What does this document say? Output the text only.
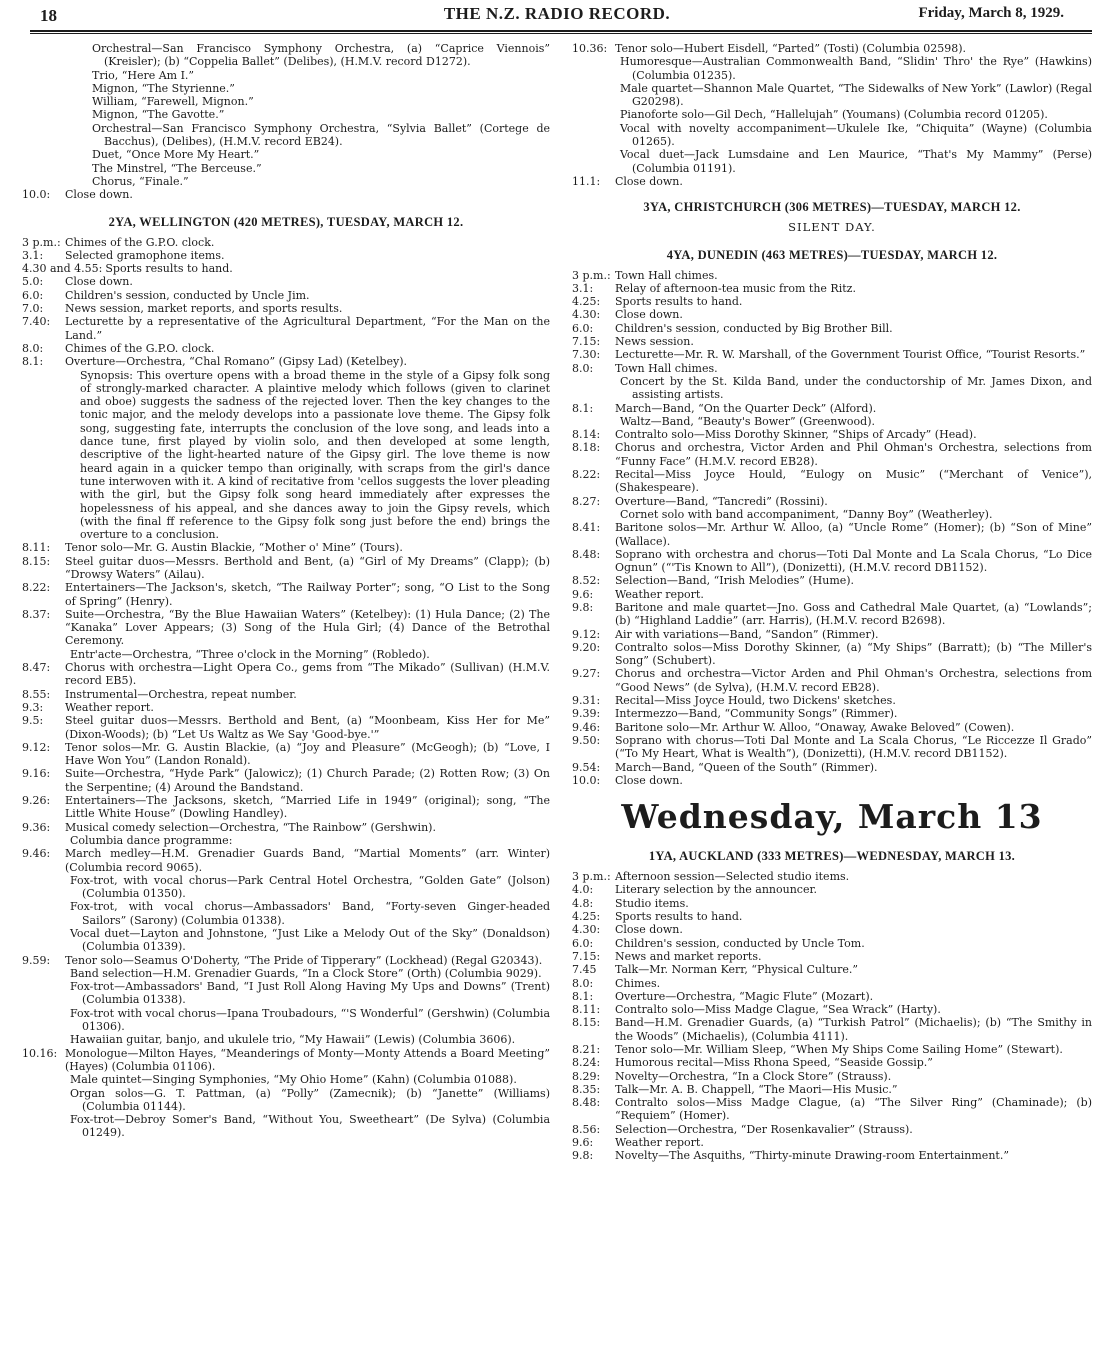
18	THE N.Z. RADIO RECORD.	Friday, March 8, 1929.
Orchestral—San Francisco Symphony Orchestra, (a) “Caprice Viennois” (Kreisler); (b) “Coppelia Ballet” (Delibes), (H.M.V. record D1272).
Trio, “Here Am I.”
Mignon, “The Styrienne.”
William, “Farewell, Mignon.”
Mignon, “The Gavotte.”
Orchestral—San Francisco Symphony Orchestra, “Sylvia Ballet” (Cortege de Bacchus), (Delibes), (H.M.V. record EB24).
Duet, “Once More My Heart.”
The Minstrel, “The Berceuse.”
Chorus, “Finale.”
10.0:	Close down.
2YA, WELLINGTON (420 METRES), TUESDAY, MARCH 12.
3 p.m.: Chimes of the G.P.O. clock.
3.1:	Selected gramophone items.
4.30 and 4.55: Sports results to hand.
5.0:	Close down.
6.0:	Children's session, conducted by Uncle Jim.
7.0:	News session, market reports, and sports results.
7.40:	Lecturette by a representative of the Agricultural Department, “For the Man on the Land.”
8.0:	Chimes of the G.P.O. clock.
8.1:	Overture—Orchestra, “Chal Romano” (Gipsy Lad) (Ketelbey).
Synopsis: This overture opens with a broad theme in the style of a Gipsy folk song of strongly-marked character. A plaintive melody which follows (given to clarinet and oboe) suggests the sadness of the rejected lover. Then the key changes to the tonic major, and the melody develops into a passionate love theme. The Gipsy folk song, suggesting fate, interrupts the conclusion of the love song, and leads into a dance tune, first played by violin solo, and then developed at some length, descriptive of the light-hearted nature of the Gipsy girl. The love theme is now heard again in a quicker tempo than originally, with scraps from the girl's dance tune interwoven with it. A kind of recitative from 'cellos suggests the lover pleading with the girl, but the Gipsy folk song heard immediately after expresses the hopelessness of his appeal, and she dances away to join the Gipsy revels, which (with the final ff reference to the Gipsy folk song just before the end) brings the overture to a conclusion.
8.11:	Tenor solo—Mr. G. Austin Blackie, “Mother o' Mine” (Tours).
8.15:	Steel guitar duos—Messrs. Berthold and Bent, (a) “Girl of My Dreams” (Clapp); (b) “Drowsy Waters” (Ailau).
8.22:	Entertainers—The Jackson's, sketch, “The Railway Porter”; song, “O List to the Song of Spring” (Henry).
8.37:	Suite—Orchestra, “By the Blue Hawaiian Waters” (Ketelbey): (1) Hula Dance; (2) The “Kanaka” Lover Appears; (3) Song of the Hula Girl; (4) Dance of the Betrothal Ceremony.
Entr'acte—Orchestra, “Three o'clock in the Morning” (Robledo).
8.47:	Chorus with orchestra—Light Opera Co., gems from “The Mikado” (Sullivan) (H.M.V. record EB5).
8.55:	Instrumental—Orchestra, repeat number.
9.3:	Weather report.
9.5:	Steel guitar duos—Messrs. Berthold and Bent, (a) “Moonbeam, Kiss Her for Me” (Dixon-Woods); (b) “Let Us Waltz as We Say 'Good-bye.'”
9.12:	Tenor solos—Mr. G. Austin Blackie, (a) “Joy and Pleasure” (McGeogh); (b) “Love, I Have Won You” (Landon Ronald).
9.16:	Suite—Orchestra, “Hyde Park” (Jalowicz); (1) Church Parade; (2) Rotten Row; (3) On the Serpentine; (4) Around the Bandstand.
9.26:	Entertainers—The Jacksons, sketch, “Married Life in 1949” (original); song, “The Little White House” (Dowling Handley).
9.36:	Musical comedy selection—Orchestra, “The Rainbow” (Gershwin).
Columbia dance programme:
9.46:	March medley—H.M. Grenadier Guards Band, “Martial Moments” (arr. Winter) (Columbia record 9065).
Fox-trot, with vocal chorus—Park Central Hotel Orchestra, “Golden Gate” (Jolson) (Columbia 01350).
Fox-trot, with vocal chorus—Ambassadors' Band, “Forty-seven Ginger-headed Sailors” (Sarony) (Columbia 01338).
Vocal duet—Layton and Johnstone, “Just Like a Melody Out of the Sky” (Donaldson) (Columbia 01339).
9.59:	Tenor solo—Seamus O'Doherty, “The Pride of Tipperary” (Lockhead) (Regal G20343).
Band selection—H.M. Grenadier Guards, “In a Clock Store” (Orth) (Columbia 9029).
Fox-trot—Ambassadors' Band, “I Just Roll Along Having My Ups and Downs” (Trent) (Columbia 01338).
Fox-trot with vocal chorus—Ipana Troubadours, “'S Wonderful” (Gershwin) (Columbia 01306).
Hawaiian guitar, banjo, and ukulele trio, “My Hawaii” (Lewis) (Columbia 3606).
10.16: Monologue—Milton Hayes, “Meanderings of Monty—Monty Attends a Board Meeting” (Hayes) (Columbia 01106).
Male quintet—Singing Symphonies, “My Ohio Home” (Kahn) (Columbia 01088).
Organ solos—G. T. Pattman, (a) “Polly” (Zamecnik); (b) “Janette” (Williams) (Columbia 01144).
Fox-trot—Debroy Somer's Band, “Without You, Sweetheart” (De Sylva) (Columbia 01249).
10.36: Tenor solo—Hubert Eisdell, “Parted” (Tosti) (Columbia 02598).
Humoresque—Australian Commonwealth Band, “Slidin' Thro' the Rye” (Hawkins) (Columbia 01235).
Male quartet—Shannon Male Quartet, “The Sidewalks of New York” (Lawlor) (Regal G20298).
Pianoforte solo—Gil Dech, “Hallelujah” (Youmans) (Columbia record 01205).
Vocal with novelty accompaniment—Ukulele Ike, “Chiquita” (Wayne) (Columbia 01265).
Vocal duet—Jack Lumsdaine and Len Maurice, “That's My Mammy” (Perse) (Columbia 01191).
11.1:	Close down.
3YA, CHRISTCHURCH (306 METRES)—TUESDAY, MARCH 12.
SILENT DAY.
4YA, DUNEDIN (463 METRES)—TUESDAY, MARCH 12.
3 p.m.: Town Hall chimes.
3.1:	Relay of afternoon-tea music from the Ritz.
4.25:	Sports results to hand.
4.30:	Close down.
6.0:	Children's session, conducted by Big Brother Bill.
7.15:	News session.
7.30:	Lecturette—Mr. R. W. Marshall, of the Government Tourist Office, “Tourist Resorts.”
8.0:	Town Hall chimes.
Concert by the St. Kilda Band, under the conductorship of Mr. James Dixon, and assisting artists.
8.1:	March—Band, “On the Quarter Deck” (Alford).
Waltz—Band, “Beauty's Bower” (Greenwood).
8.14:	Contralto solo—Miss Dorothy Skinner, “Ships of Arcady” (Head).
8.18:	Chorus and orchestra, Victor Arden and Phil Ohman's Orchestra, selections from “Funny Face” (H.M.V. record EB28).
8.22:	Recital—Miss Joyce Hould, “Eulogy on Music” (“Merchant of Venice”), (Shakespeare).
8.27:	Overture—Band, “Tancredi” (Rossini).
Cornet solo with band accompaniment, “Danny Boy” (Weatherley).
8.41:	Baritone solos—Mr. Arthur W. Alloo, (a) “Uncle Rome” (Homer); (b) “Son of Mine” (Wallace).
8.48:	Soprano with orchestra and chorus—Toti Dal Monte and La Scala Chorus, “Lo Dice Ognun” (“'Tis Known to All”), (Donizetti), (H.M.V. record DB1152).
8.52:	Selection—Band, “Irish Melodies” (Hume).
9.6:	Weather report.
9.8:	Baritone and male quartet—Jno. Goss and Cathedral Male Quartet, (a) “Lowlands”; (b) “Highland Laddie” (arr. Harris), (H.M.V. record B2698).
9.12:	Air with variations—Band, “Sandon” (Rimmer).
9.20:	Contralto solos—Miss Dorothy Skinner, (a) “My Ships” (Barratt); (b) “The Miller's Song” (Schubert).
9.27:	Chorus and orchestra—Victor Arden and Phil Ohman's Orchestra, selections from “Good News” (de Sylva), (H.M.V. record EB28).
9.31:	Recital—Miss Joyce Hould, two Dickens' sketches.
9.39:	Intermezzo—Band, “Community Songs” (Rimmer).
9.46:	Baritone solo—Mr. Arthur W. Alloo, “Onaway, Awake Beloved” (Cowen).
9.50:	Soprano with chorus—Toti Dal Monte and La Scala Chorus, “Le Riccezze Il Grado” (“To My Heart, What is Wealth”), (Donizetti), (H.M.V. record DB1152).
9.54:	March—Band, “Queen of the South” (Rimmer).
10.0:	Close down.
Wednesday, March 13
1YA, AUCKLAND (333 METRES)—WEDNESDAY, MARCH 13.
3 p.m.: Afternoon session—Selected studio items.
4.0:	Literary selection by the announcer.
4.8:	Studio items.
4.25:	Sports results to hand.
4.30:	Close down.
6.0:	Children's session, conducted by Uncle Tom.
7.15:	News and market reports.
7.45	Talk—Mr. Norman Kerr, “Physical Culture.”
8.0:	Chimes.
8.1:	Overture—Orchestra, “Magic Flute” (Mozart).
8.11:	Contralto solo—Miss Madge Clague, “Sea Wrack” (Harty).
8.15:	Band—H.M. Grenadier Guards, (a) “Turkish Patrol” (Michaelis); (b) “The Smithy in the Woods” (Michaelis), (Columbia 4111).
8.21:	Tenor solo—Mr. William Sleep, “When My Ships Come Sailing Home” (Stewart).
8.24:	Humorous recital—Miss Rhona Speed, “Seaside Gossip.”
8.29:	Novelty—Orchestra, “In a Clock Store” (Strauss).
8.35:	Talk—Mr. A. B. Chappell, “The Maori—His Music.”
8.48:	Contralto solos—Miss Madge Clague, (a) “The Silver Ring” (Chaminade); (b) “Requiem” (Homer).
8.56:	Selection—Orchestra, “Der Rosenkavalier” (Strauss).
9.6:	Weather report.
9.8:	Novelty—The Asquiths, “Thirty-minute Drawing-room Entertainment.”
